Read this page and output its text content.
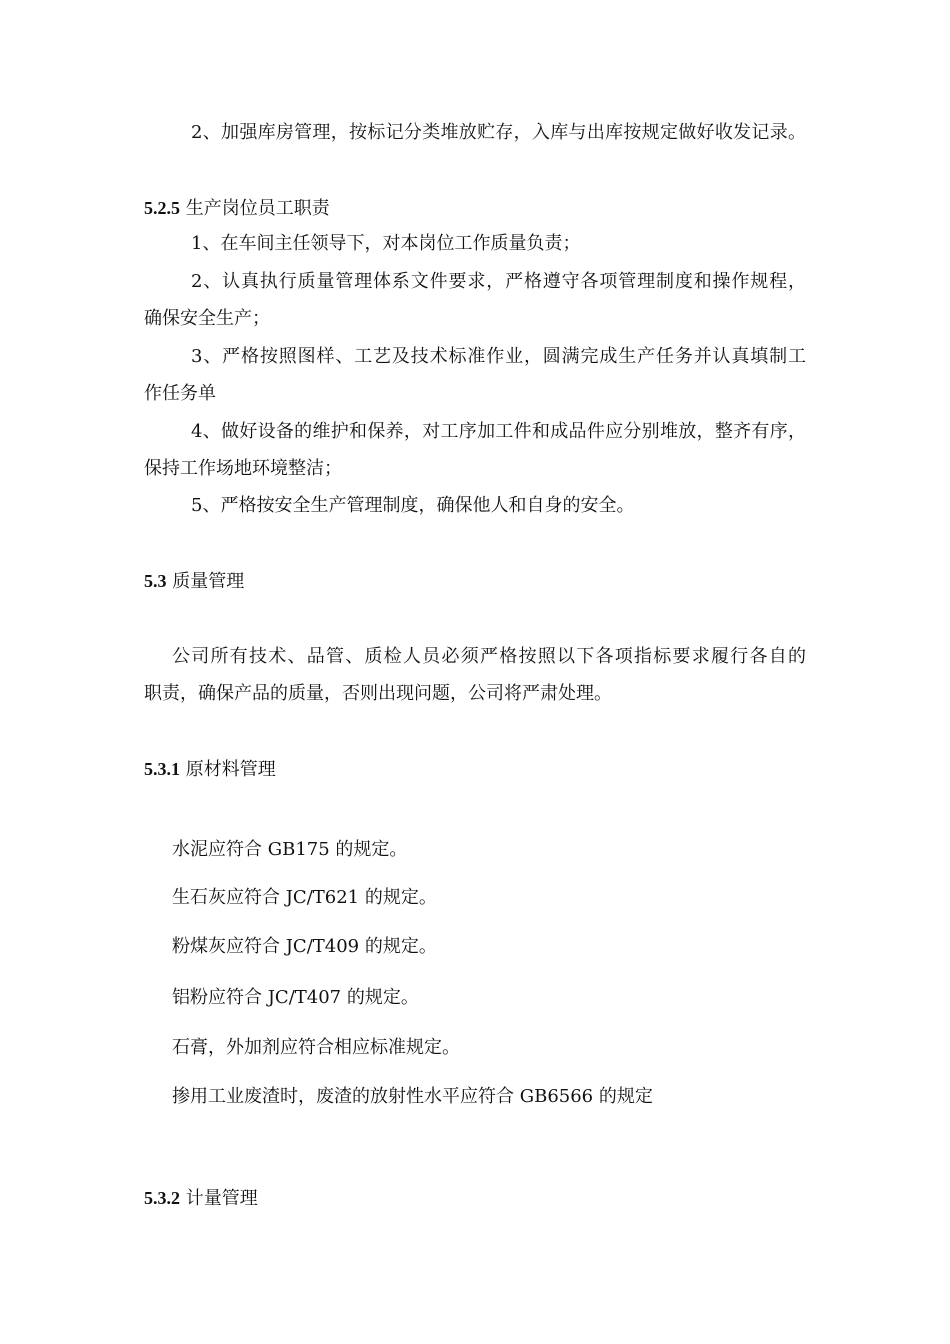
2、加强库房管理，按标记分类堆放贮存，入库与出库按规定做好收发记录。
5.2.5 生产岗位员工职责
1、在车间主任领导下，对本岗位工作质量负责；
2、认真执行质量管理体系文件要求，严格遵守各项管理制度和操作规程，
确保安全生产；
3、严格按照图样、工艺及技术标准作业，圆满完成生产任务并认真填制工
作任务单
4、做好设备的维护和保养，对工序加工件和成品件应分别堆放，整齐有序，
保持工作场地环境整洁；
5、严格按安全生产管理制度，确保他人和自身的安全。
5.3 质量管理
公司所有技术、品管、质检人员必须严格按照以下各项指标要求履行各自的
职责，确保产品的质量，否则出现问题，公司将严肃处理。
5.3.1 原材料管理
水泥应符合 GB175 的规定。
生石灰应符合 JC/T621 的规定。
粉煤灰应符合 JC/T409 的规定。
铝粉应符合 JC/T407 的规定。
石膏，外加剂应符合相应标准规定。
掺用工业废渣时，废渣的放射性水平应符合 GB6566 的规定
5.3.2 计量管理
